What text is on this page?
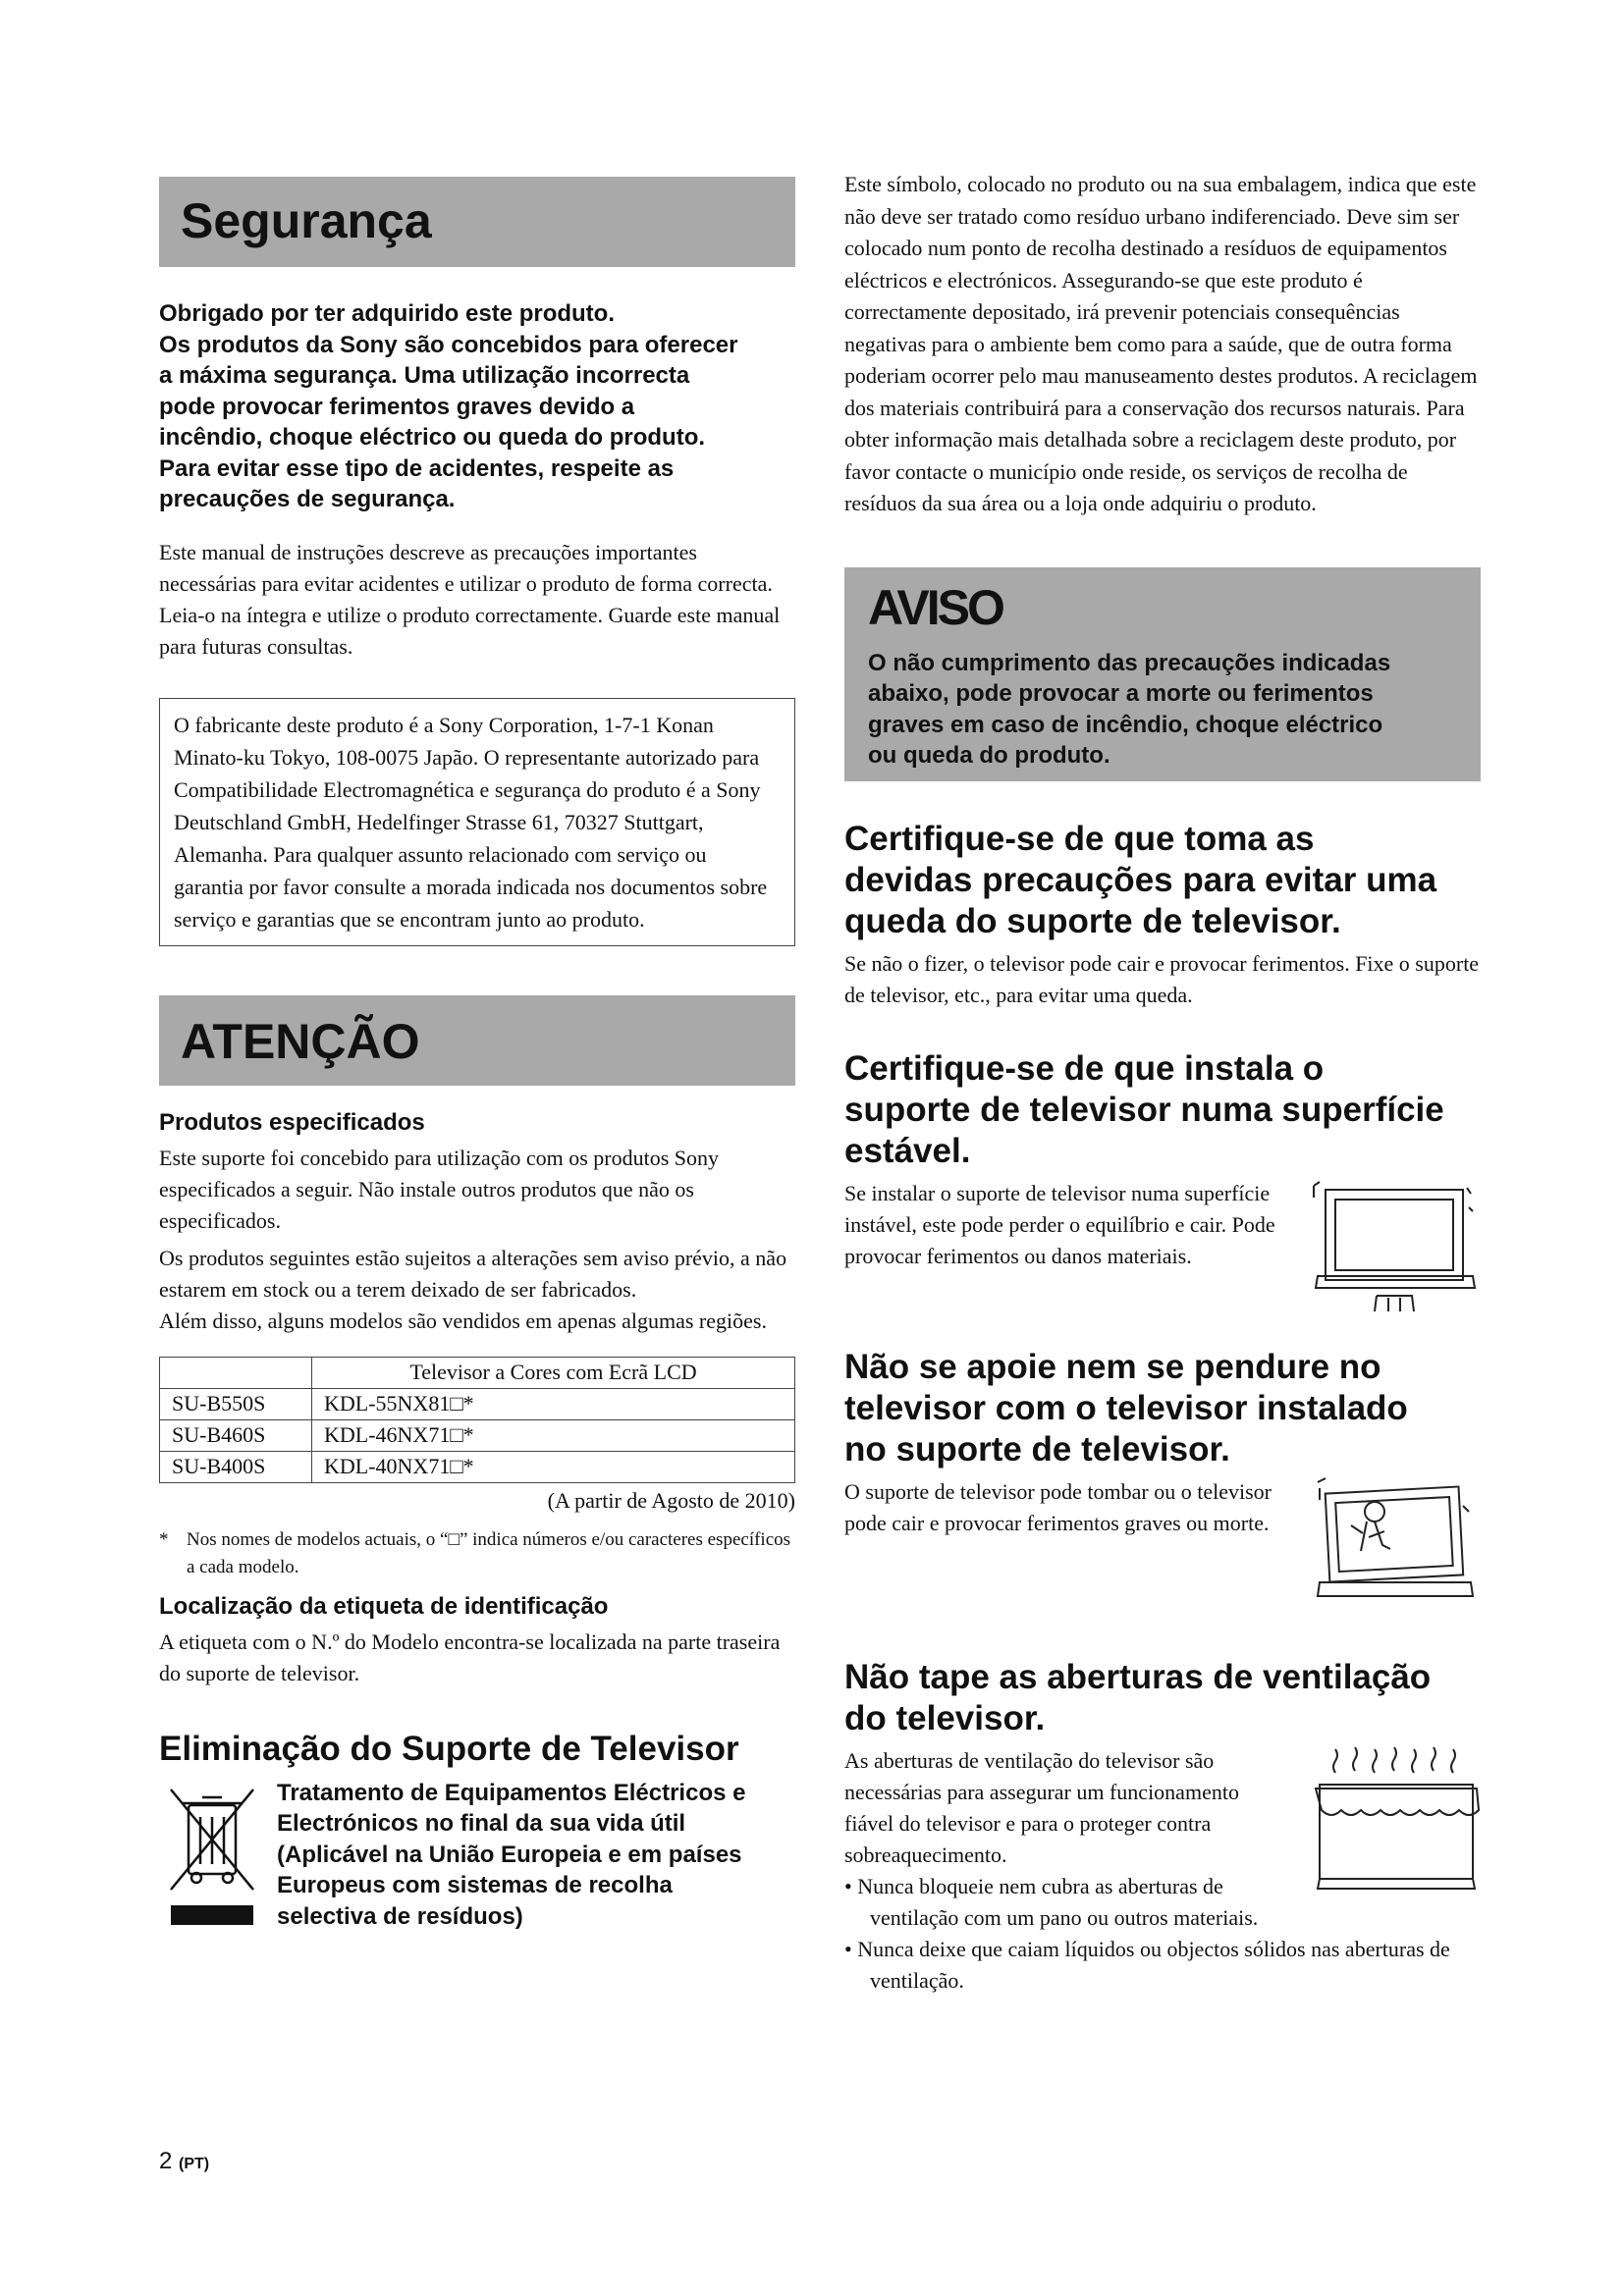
Segurança
Obrigado por ter adquirido este produto.
Os produtos da Sony são concebidos para oferecer
a máxima segurança. Uma utilização incorrecta
pode provocar ferimentos graves devido a
incêndio, choque eléctrico ou queda do produto.
Para evitar esse tipo de acidentes, respeite as
precauções de segurança.

Este manual de instruções descreve as precauções importantes necessárias para evitar acidentes e utilizar o produto de forma correcta. Leia-o na íntegra e utilize o produto correctamente. Guarde este manual para futuras consultas.

O fabricante deste produto é a Sony Corporation, 1-7-1 Konan Minato-ku Tokyo, 108-0075 Japão. O representante autorizado para Compatibilidade Electromagnética e segurança do produto é a Sony Deutschland GmbH, Hedelfinger Strasse 61, 70327 Stuttgart, Alemanha. Para qualquer assunto relacionado com serviço ou garantia por favor consulte a morada indicada nos documentos sobre serviço e garantias que se encontram junto ao produto.
ATENÇÃO
Produtos especificados

Este suporte foi concebido para utilização com os produtos Sony especificados a seguir. Não instale outros produtos que não os especificados.

Os produtos seguintes estão sujeitos a alterações sem aviso prévio, a não estarem em stock ou a terem deixado de ser fabricados.

Além disso, alguns modelos são vendidos em apenas algumas regiões.

	Televisor a Cores com Ecrã LCD
SU-B550S	KDL-55NX81□*
SU-B460S	KDL-46NX71□*
SU-B400S	KDL-40NX71□*
(A partir de Agosto de 2010)
* Nos nomes de modelos actuais, o “□” indica números e/ou caracteres específicos a cada modelo.
Localização da etiqueta de identificação

A etiqueta com o N.º do Modelo encontra-se localizada na parte traseira do suporte de televisor.

Eliminação do Suporte de Televisor
Tratamento de Equipamentos Eléctricos e
Electrónicos no final da sua vida útil
(Aplicável na União Europeia e em países
Europeus com sistemas de recolha
selectiva de resíduos)
2 (PT)

Este símbolo, colocado no produto ou na sua embalagem, indica que este não deve ser tratado como resíduo urbano indiferenciado. Deve sim ser colocado num ponto de recolha destinado a resíduos de equipamentos eléctricos e electrónicos. Assegurando-se que este produto é correctamente depositado, irá prevenir potenciais consequências negativas para o ambiente bem como para a saúde, que de outra forma poderiam ocorrer pelo mau manuseamento destes produtos. A reciclagem dos materiais contribuirá para a conservação dos recursos naturais. Para obter informação mais detalhada sobre a reciclagem deste produto, por favor contacte o município onde reside, os serviços de recolha de resíduos da sua área ou a loja onde adquiriu o produto.

AVISO
O não cumprimento das precauções indicadas
abaixo, pode provocar a morte ou ferimentos
graves em caso de incêndio, choque eléctrico
ou queda do produto.
Certifique-se de que toma as
devidas precauções para evitar uma
queda do suporte de televisor.

Se não o fizer, o televisor pode cair e provocar ferimentos. Fixe o suporte de televisor, etc., para evitar uma queda.

Certifique-se de que instala o
suporte de televisor numa superfície
estável.

Se instalar o suporte de televisor numa superfície instável, este pode perder o equilíbrio e cair. Pode provocar ferimentos ou danos materiais.

Não se apoie nem se pendure no
televisor com o televisor instalado
no suporte de televisor.

O suporte de televisor pode tombar ou o televisor pode cair e provocar ferimentos graves ou morte.

Não tape as aberturas de ventilação
do televisor.

As aberturas de ventilação do televisor são necessárias para assegurar um funcionamento fiável do televisor e para o proteger contra sobreaquecimento.

• Nunca bloqueie nem cubra as aberturas de ventilação com um pano ou outros materiais.
• Nunca deixe que caiam líquidos ou objectos sólidos nas aberturas de ventilação.
